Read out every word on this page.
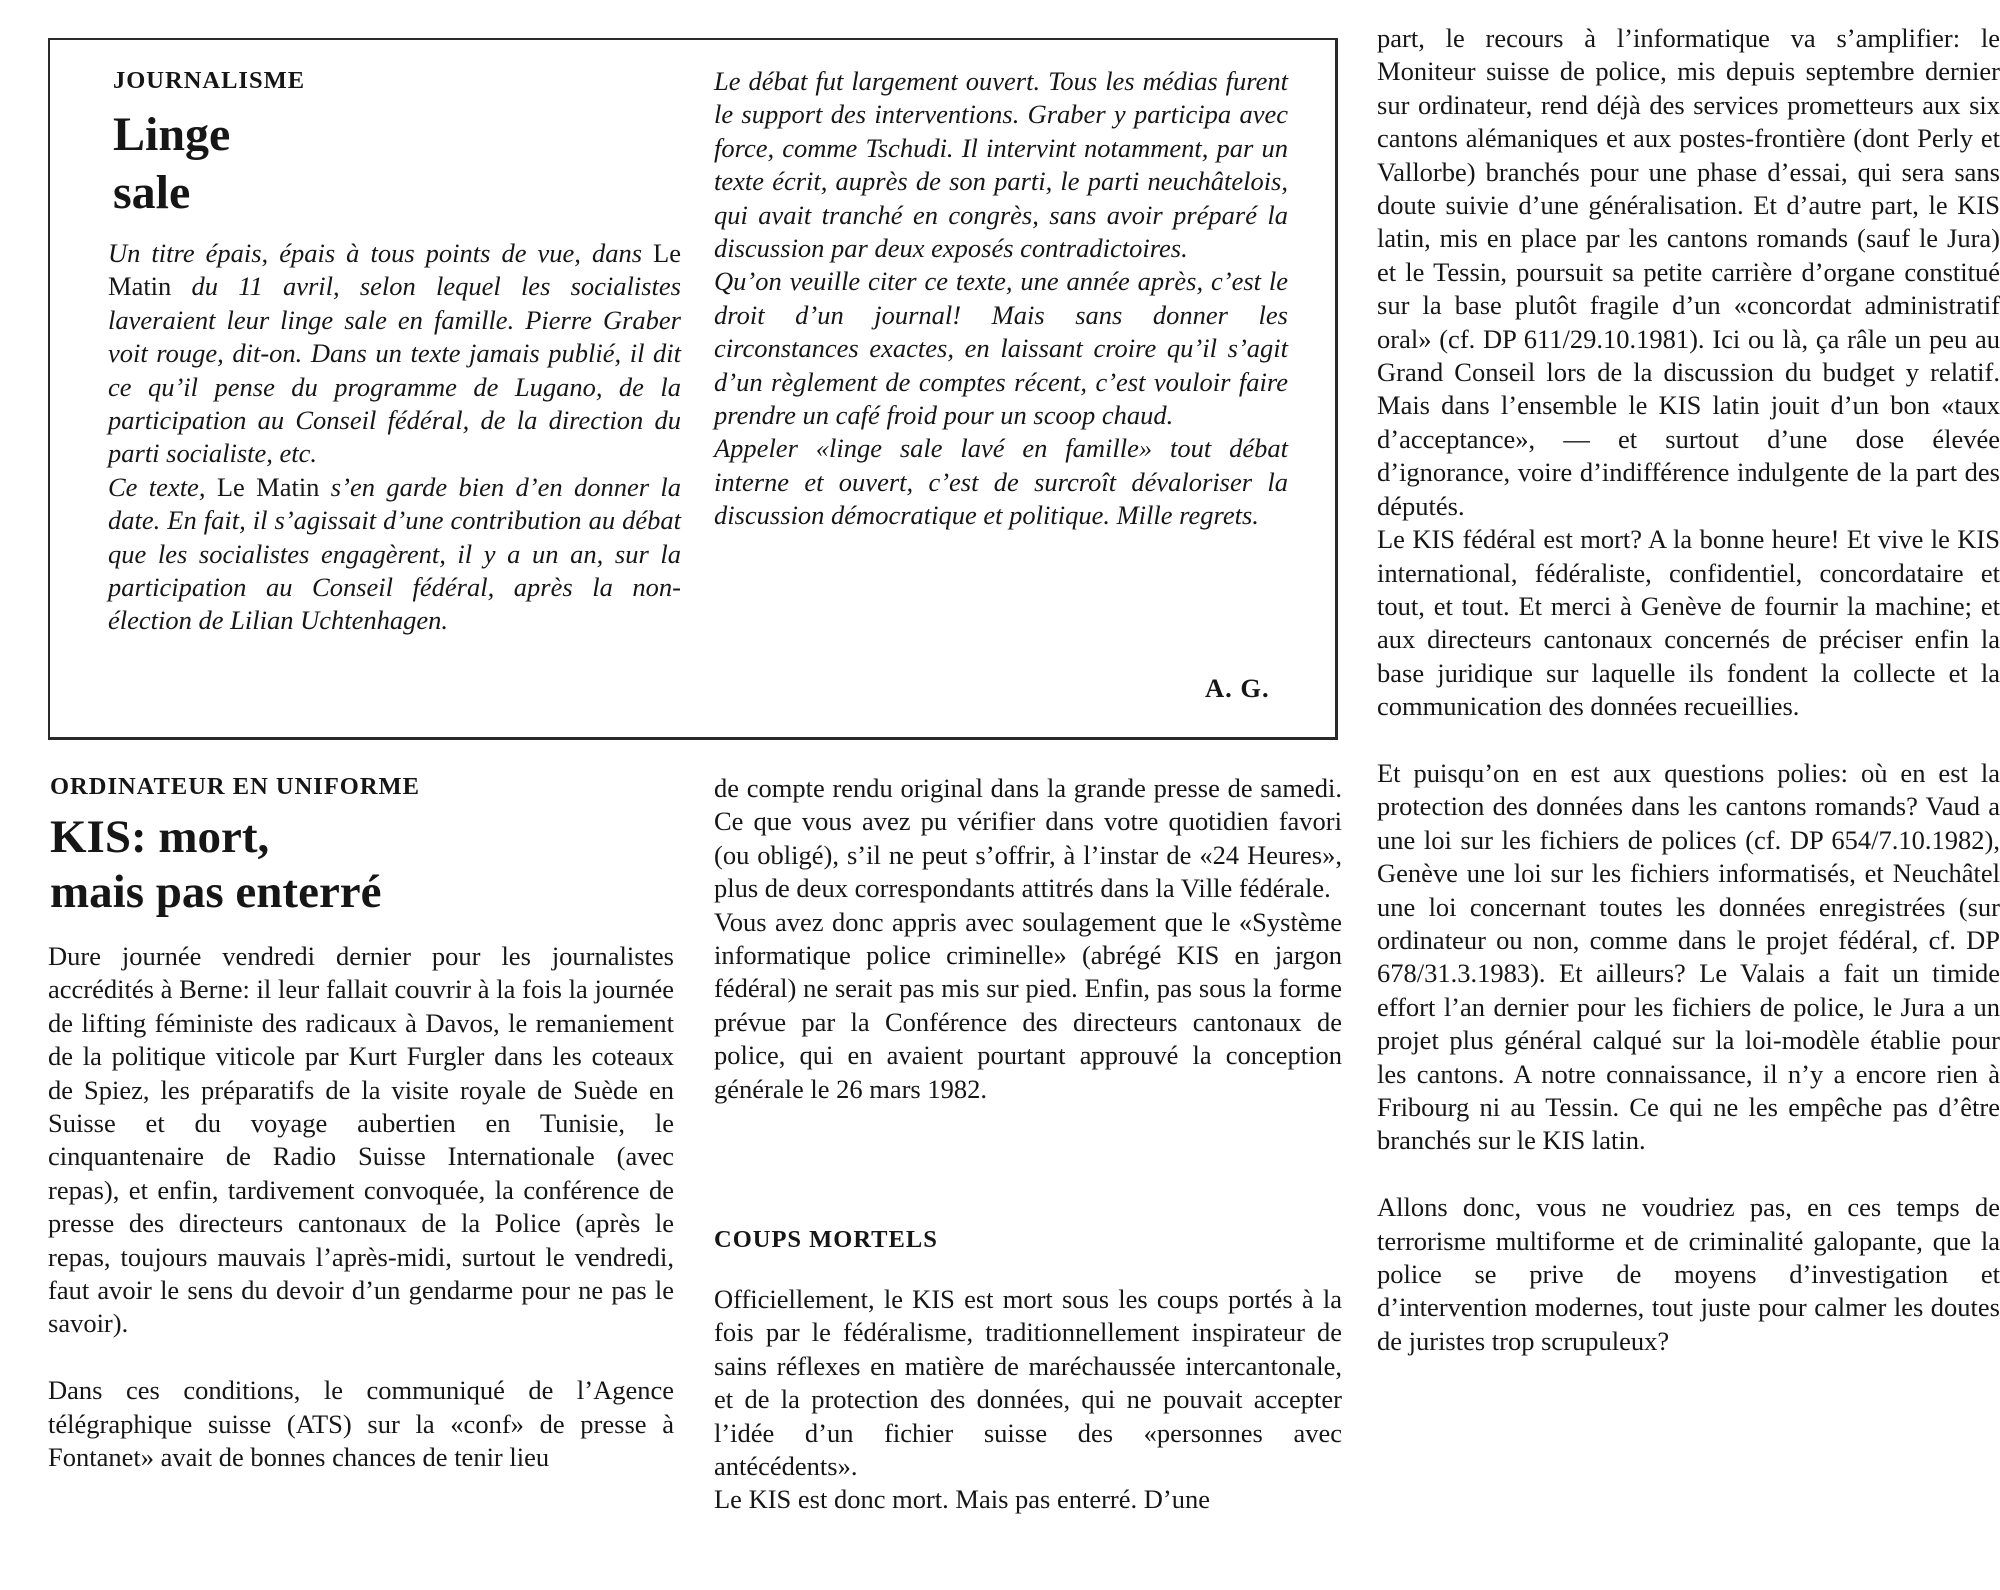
JOURNALISME
Linge
sale

Un titre épais, épais à tous points de vue, dans Le Matin du 11 avril, selon lequel les socialistes laveraient leur linge sale en famille. Pierre Graber voit rouge, dit-on. Dans un texte jamais publié, il dit ce qu’il pense du programme de Lugano, de la participation au Conseil fédéral, de la direction du parti socialiste, etc.

Ce texte, Le Matin s’en garde bien d’en donner la date. En fait, il s’agissait d’une contribution au débat que les socialistes engagèrent, il y a un an, sur la participation au Conseil fédéral, après la non-élection de Lilian Uchtenhagen.

Le débat fut largement ouvert. Tous les médias furent le support des interventions. Graber y participa avec force, comme Tschudi. Il intervint notamment, par un texte écrit, auprès de son parti, le parti neuchâtelois, qui avait tranché en congrès, sans avoir préparé la discussion par deux exposés contradictoires.

Qu’on veuille citer ce texte, une année après, c’est le droit d’un journal! Mais sans donner les circonstances exactes, en laissant croire qu’il s’agit d’un règlement de comptes récent, c’est vouloir faire prendre un café froid pour un scoop chaud.

Appeler «linge sale lavé en famille» tout débat interne et ouvert, c’est de surcroît dévaloriser la discussion démocratique et politique. Mille regrets.

A. G.
ORDINATEUR EN UNIFORME
KIS: mort,
mais pas enterré

Dure journée vendredi dernier pour les journalistes accrédités à Berne: il leur fallait couvrir à la fois la journée de lifting féministe des radicaux à Davos, le remaniement de la politique viticole par Kurt Furgler dans les coteaux de Spiez, les préparatifs de la visite royale de Suède en Suisse et du voyage aubertien en Tunisie, le cinquantenaire de Radio Suisse Internationale (avec repas), et enfin, tardivement convoquée, la conférence de presse des directeurs cantonaux de la Police (après le repas, toujours mauvais l’après-midi, surtout le vendredi, faut avoir le sens du devoir d’un gendarme pour ne pas le savoir).

Dans ces conditions, le communiqué de l’Agence télégraphique suisse (ATS) sur la «conf» de presse à Fontanet» avait de bonnes chances de tenir lieu

de compte rendu original dans la grande presse de samedi. Ce que vous avez pu vérifier dans votre quotidien favori (ou obligé), s’il ne peut s’offrir, à l’instar de «24 Heures», plus de deux correspondants attitrés dans la Ville fédérale.

Vous avez donc appris avec soulagement que le «Système informatique police criminelle» (abrégé KIS en jargon fédéral) ne serait pas mis sur pied. Enfin, pas sous la forme prévue par la Conférence des directeurs cantonaux de police, qui en avaient pourtant approuvé la conception générale le 26 mars 1982.

COUPS MORTELS

Officiellement, le KIS est mort sous les coups portés à la fois par le fédéralisme, traditionnellement inspirateur de sains réflexes en matière de maréchaussée intercantonale, et de la protection des données, qui ne pouvait accepter l’idée d’un fichier suisse des «personnes avec antécédents».

Le KIS est donc mort. Mais pas enterré. D’une

part, le recours à l’informatique va s’amplifier: le Moniteur suisse de police, mis depuis septembre dernier sur ordinateur, rend déjà des services prometteurs aux six cantons alémaniques et aux postes-frontière (dont Perly et Vallorbe) branchés pour une phase d’essai, qui sera sans doute suivie d’une généralisation. Et d’autre part, le KIS latin, mis en place par les cantons romands (sauf le Jura) et le Tessin, poursuit sa petite carrière d’organe constitué sur la base plutôt fragile d’un «concordat administratif oral» (cf. DP 611/29.10.1981). Ici ou là, ça râle un peu au Grand Conseil lors de la discussion du budget y relatif. Mais dans l’ensemble le KIS latin jouit d’un bon «taux d’acceptance», — et surtout d’une dose élevée d’ignorance, voire d’indifférence indulgente de la part des députés.

Le KIS fédéral est mort? A la bonne heure! Et vive le KIS international, fédéraliste, confidentiel, concordataire et tout, et tout. Et merci à Genève de fournir la machine; et aux directeurs cantonaux concernés de préciser enfin la base juridique sur laquelle ils fondent la collecte et la communication des données recueillies.

Et puisqu’on en est aux questions polies: où en est la protection des données dans les cantons romands? Vaud a une loi sur les fichiers de polices (cf. DP 654/7.10.1982), Genève une loi sur les fichiers informatisés, et Neuchâtel une loi concernant toutes les données enregistrées (sur ordinateur ou non, comme dans le projet fédéral, cf. DP 678/31.3.1983). Et ailleurs? Le Valais a fait un timide effort l’an dernier pour les fichiers de police, le Jura a un projet plus général calqué sur la loi-modèle établie pour les cantons. A notre connaissance, il n’y a encore rien à Fribourg ni au Tessin. Ce qui ne les empêche pas d’être branchés sur le KIS latin.

Allons donc, vous ne voudriez pas, en ces temps de terrorisme multiforme et de criminalité galopante, que la police se prive de moyens d’investigation et d’intervention modernes, tout juste pour calmer les doutes de juristes trop scrupuleux?
